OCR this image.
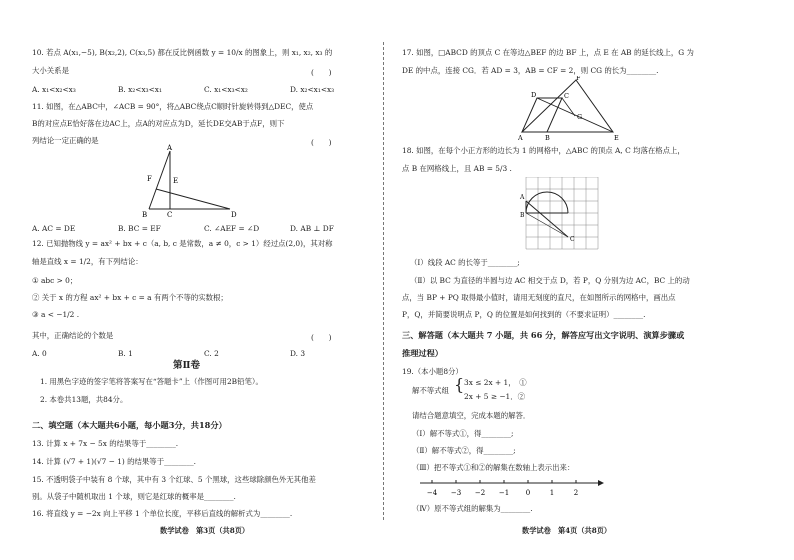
10. 若点 A(x₁,−5), B(x₂,2), C(x₃,5) 都在反比例函数 y = 10/x 的图象上，则 x₁, x₂, x₃ 的
大小关系是	(　　)
A. x₁<x₂<x₃	B. x₂<x₃<x₁	C. x₁<x₃<x₂	D. x₂<x₁<x₃
11. 如图，在△ABC中，∠ACB = 90°，将△ABC绕点C顺时针旋转得到△DEC，使点
B的对应点E恰好落在边AC上，点A的对应点为D，延长DE交AB于点F，则下
列结论一定正确的是	(　　)
A
B	C	D
E
F
A. AC = DE	B. BC = EF	C. ∠AEF = ∠D	D. AB ⊥ DF
12. 已知抛物线 y = ax² + bx + c（a, b, c 是常数，a ≠ 0，c > 1）经过点(2,0)，其对称
轴是直线 x = 1/2，有下列结论：
① abc > 0；
② 关于 x 的方程 ax² + bx + c = a 有两个不等的实数根；
③ a < −1/2 .
其中，正确结论的个数是	(　　)
A. 0	B. 1	C. 2	D. 3
第Ⅱ卷
1. 用黑色字迹的签字笔将答案写在“答题卡”上（作图可用2B铅笔）。
2. 本卷共13题，共84分。
二、填空题（本大题共6小题，每小题3分，共18分）
13. 计算 x + 7x − 5x 的结果等于________.
14. 计算 (√7 + 1)(√7 − 1) 的结果等于________.
15. 不透明袋子中装有 8 个球，其中有 3 个红球、5 个黑球，这些球除颜色外无其他差
别。从袋子中随机取出 1 个球，则它是红球的概率是________.
16. 将直线 y = −2x 向上平移 1 个单位长度，平移后直线的解析式为________.
数学试卷　第3页（共8页）
17. 如图，□ABCD 的顶点 C 在等边△BEF 的边 BF 上，点 E 在 AB 的延长线上，G 为
DE 的中点，连接 CG．若 AD = 3，AB = CF = 2，则 CG 的长为________.
A	B
C
D
E
F
G
18. 如图，在每个小正方形的边长为 1 的网格中，△ABC 的顶点 A, C 均落在格点上，
点 B 在网格线上，且 AB = 5/3 .
A
B
C
（Ⅰ）线段 AC 的长等于________;
（Ⅱ）以 BC 为直径的半圆与边 AC 相交于点 D，若 P，Q 分别为边 AC，BC 上的动
点，当 BP + PQ 取得最小值时，请用无刻度的直尺，在如图所示的网格中，画出点
P，Q，并简要说明点 P，Q 的位置是如何找到的（不要求证明）________.
三、解答题（本大题共 7 小题，共 66 分，解答应写出文字说明、演算步骤或
推理过程）
19.（本小题8分）
解不等式组 { 3x ≤ 2x + 1，　①
2x + 5 ≥ −1．②
请结合题意填空，完成本题的解答．
（Ⅰ）解不等式①，得________;
（Ⅱ）解不等式②，得________;
（Ⅲ）把不等式①和②的解集在数轴上表示出来：
−4 −3 −2 −1 0	1	2
（Ⅳ）原不等式组的解集为________.
数学试卷　第4页（共8页）
